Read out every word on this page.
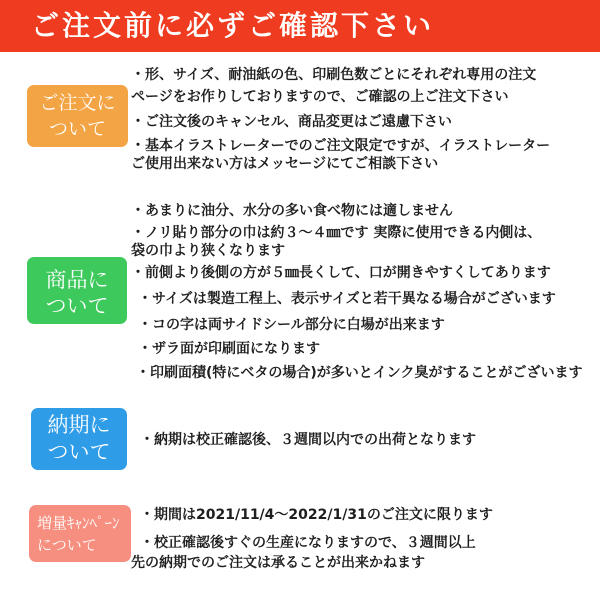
ご注文前に必ずご確認下さい
ご注文に
ついて
・形、サイズ、耐油紙の色、印刷色数ごとにそれぞれ専用の注文
ページをお作りしておりますので、ご確認の上ご注文下さい
・ご注文後のキャンセル、商品変更はご遠慮下さい
・基本イラストレーターでのご注文限定ですが、イラストレーター
ご使用出来ない方はメッセージにてご相談下さい
商品に
ついて
・あまりに油分、水分の多い食べ物には適しません
・ノリ貼り部分の巾は約３～４㎜です 実際に使用できる内側は、
袋の巾より狭くなります
・前側より後側の方が５㎜長くして、口が開きやすくしてあります
・サイズは製造工程上、表示サイズと若干異なる場合がございます
・コの字は両サイドシール部分に白場が出来ます
・ザラ面が印刷面になります
・印刷面積(特にベタの場合)が多いとインク臭がすることがございます
納期に
ついて ・納期は校正確認後、３週間以内での出荷となります
増量ｷｬﾝﾍﾟｰﾝ
について
・期間は2021/11/4～2022/1/31のご注文に限ります
・校正確認後すぐの生産になりますので、３週間以上
先の納期でのご注文は承ることが出来かねます
